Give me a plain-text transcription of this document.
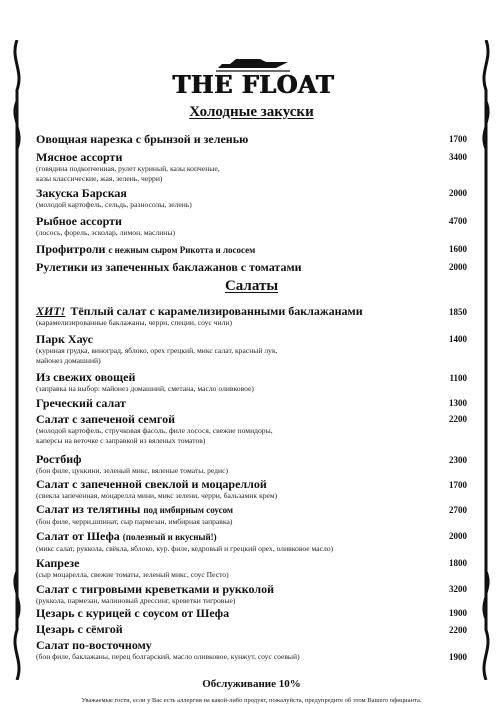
THE FLOAT
Холодные закуски
Салаты
Овощная нарезка с брынзой и зеленью	1700
Мясное ассорти
(говядина подкопченная, рулет куриный, казы копченые,
казы классические, жая, зелень, черри)
3400
Закуска Барская
(молодой картофель, сельдь, разносолы, зелень)
2000
Рыбное ассорти
(лосось, форель, эсколар, лимон, маслины)
4700
Профитроли с нежным сыром Рикотта и лососем	1600
Рулетики из запеченных баклажанов с томатами	2000
ХИТ! Тёплый салат с карамелизированными баклажанами
(карамелизированные баклажаны, черри, специи, соус чили)
1850
Парк Хаус
(куриная грудка, виноград, яблоко, орех грецкий, микс салат, красный лук,
майонез домашний)
1400
Из свежих овощей
(заправка на выбор: майонез домашний, сметана, масло оливковое)
1100
Греческий салат	1300
Салат с запеченой семгой
(молодой картофель, стручковая фасоль, филе лосося, свежие помидоры,
каперсы на веточке с заправкой из вяленых томатов)
2200
Ростбиф
(бон филе, цуккини, зеленый микс, вяленые томаты, редис)
2300
Салат с запеченной свеклой и моцареллой
(свекла запеченная, моцарелла мини, микс зелени, черри, бальзамик крем)
1700
Салат из телятины под имбирным соусом
(бон филе, черри,шпинат, сыр пармезан, имбирная заправка)
2700
Салат от Шефа (полезный и вкусный!)
(микс салат, руккола, свёкла, яблоко, кур. филе, кедровый и грецкий орех, оливковое масло)
2000
Капрезе
(сыр моцарелла, свежие томаты, зеленый микс, соус Песто)
1800
Салат с тигровыми креветками и рукколой
(руккола, пармезан, малиновый дрессинг, креветки тигровые)
3200
Цезарь с курицей с соусом от Шефа	1900
Цезарь с сёмгой	2200
Салат по-восточному
(бон филе, баклажаны, перец болгарский, масло оливковое, кунжут, соус соевый)	1900
Обслуживание 10%
Уважаемые гости, если у Вас есть аллергия на какой-либо продукт, пожалуйста, предупредите об этом Вашего официанта.
